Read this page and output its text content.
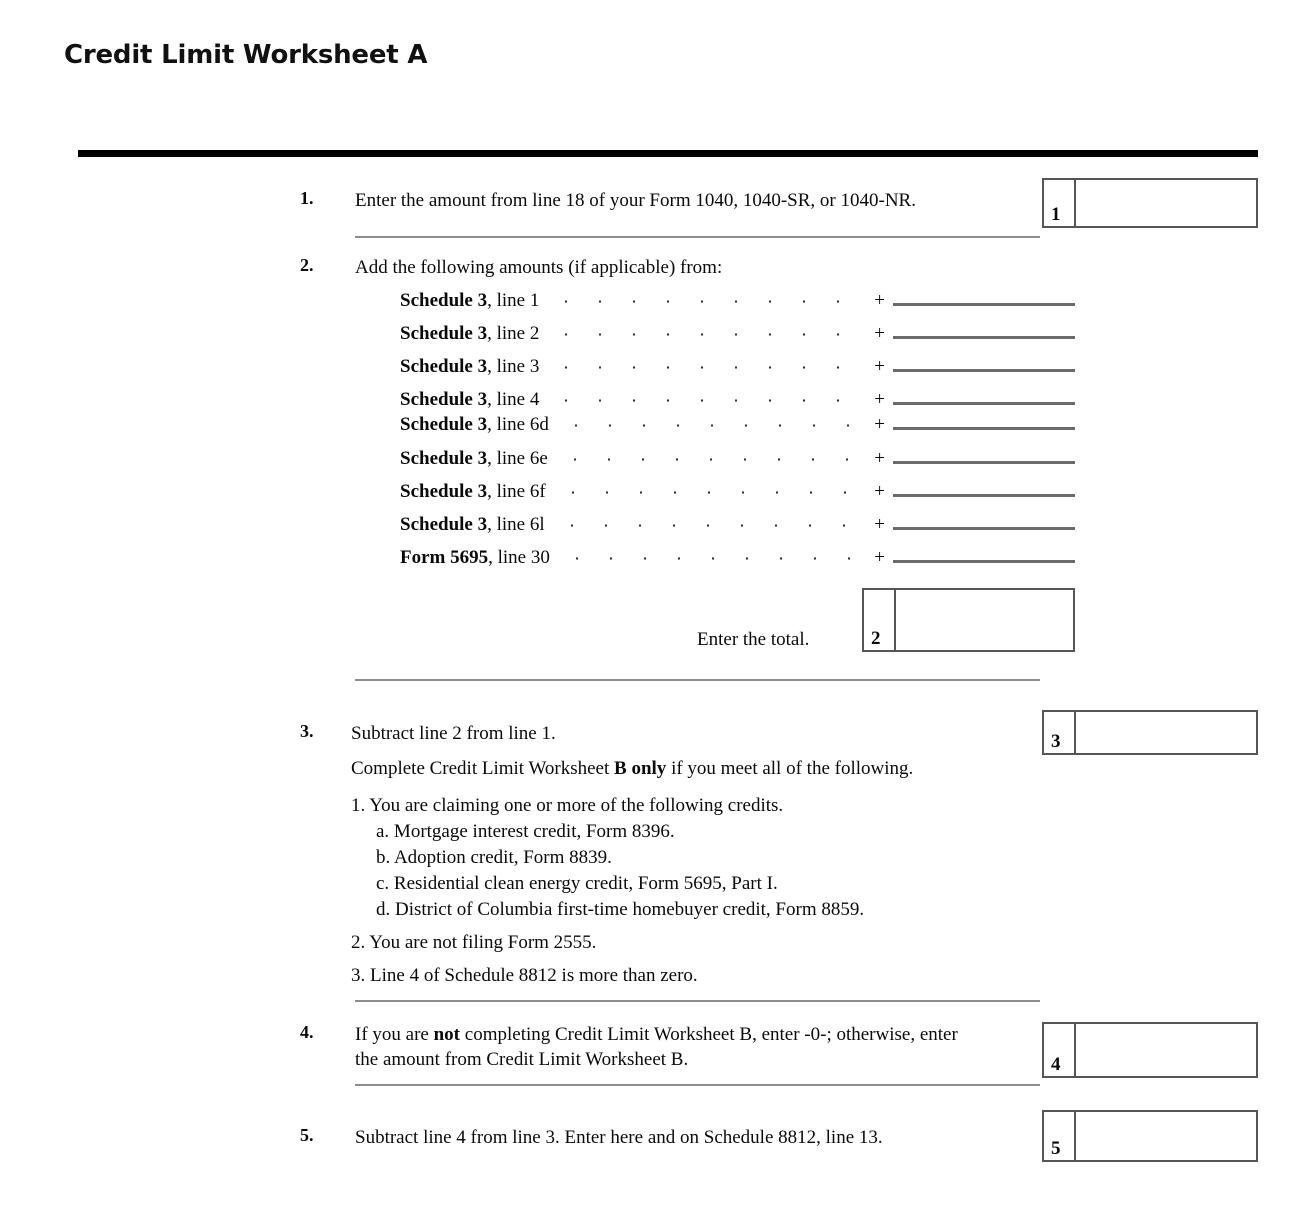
Credit Limit Worksheet A
1. Enter the amount from line 18 of your Form 1040, 1040-SR, or 1040-NR.
1
2. Add the following amounts (if applicable) from:
Schedule 3, line 1	+
Schedule 3, line 2	+
Schedule 3, line 3	+
Schedule 3, line 4	+
Schedule 3, line 6d	+
Schedule 3, line 6e	+
Schedule 3, line 6f	+
Schedule 3, line 6l	+
Form 5695, line 30	+
Enter the total.	2
3. Subtract line 2 from line 1.	3
Complete Credit Limit Worksheet B only if you meet all of the following.
1. You are claiming one or more of the following credits.
a. Mortgage interest credit, Form 8396.
b. Adoption credit, Form 8839.
c. Residential clean energy credit, Form 5695, Part I.
d. District of Columbia first-time homebuyer credit, Form 8859.
2. You are not filing Form 2555.
3. Line 4 of Schedule 8812 is more than zero.
4. If you are not completing Credit Limit Worksheet B, enter -0-; otherwise, enter
the amount from Credit Limit Worksheet B.	4
5. Subtract line 4 from line 3. Enter here and on Schedule 8812, line 13.
5
